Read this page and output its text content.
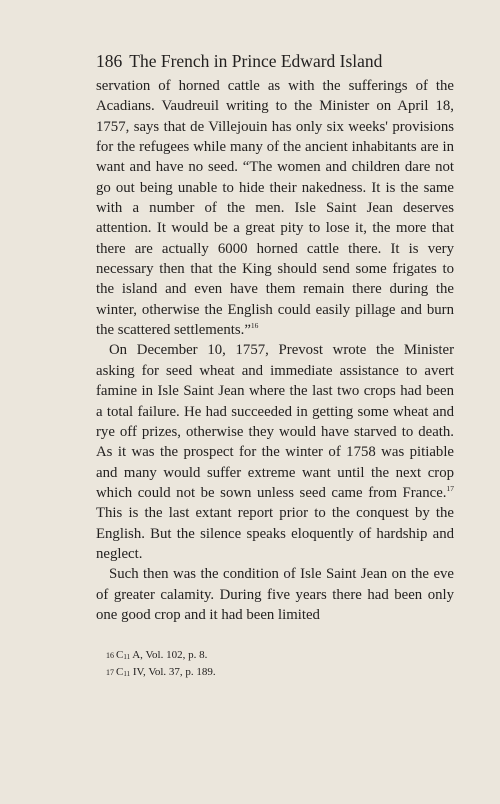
186 The French in Prince Edward Island

servation of horned cattle as with the sufferings of the Acadians. Vaudreuil writing to the Minister on April 18, 1757, says that de Villejouin has only six weeks' provisions for the refugees while many of the ancient inhabitants are in want and have no seed. “The women and children dare not go out being unable to hide their nakedness. It is the same with a number of the men. Isle Saint Jean deserves attention. It would be a great pity to lose it, the more that there are actually 6000 horned cattle there. It is very necessary then that the King should send some frigates to the island and even have them remain there during the winter, otherwise the English could easily pillage and burn the scattered settlements.”$^{16}$

On December 10, 1757, Prevost wrote the Minister asking for seed wheat and immediate assistance to avert famine in Isle Saint Jean where the last two crops had been a total failure. He had succeeded in getting some wheat and rye off prizes, otherwise they would have starved to death. As it was the prospect for the winter of 1758 was pitiable and many would suffer extreme want until the next crop which could not be sown unless seed came from France.$^{17}$ This is the last extant report prior to the conquest by the English. But the silence speaks eloquently of hardship and neglect.

Such then was the condition of Isle Saint Jean on the eve of greater calamity. During five years there had been only one good crop and it had been limited

16 C11 A, Vol. 102, p. 8.
17 C11 IV, Vol. 37, p. 189.
